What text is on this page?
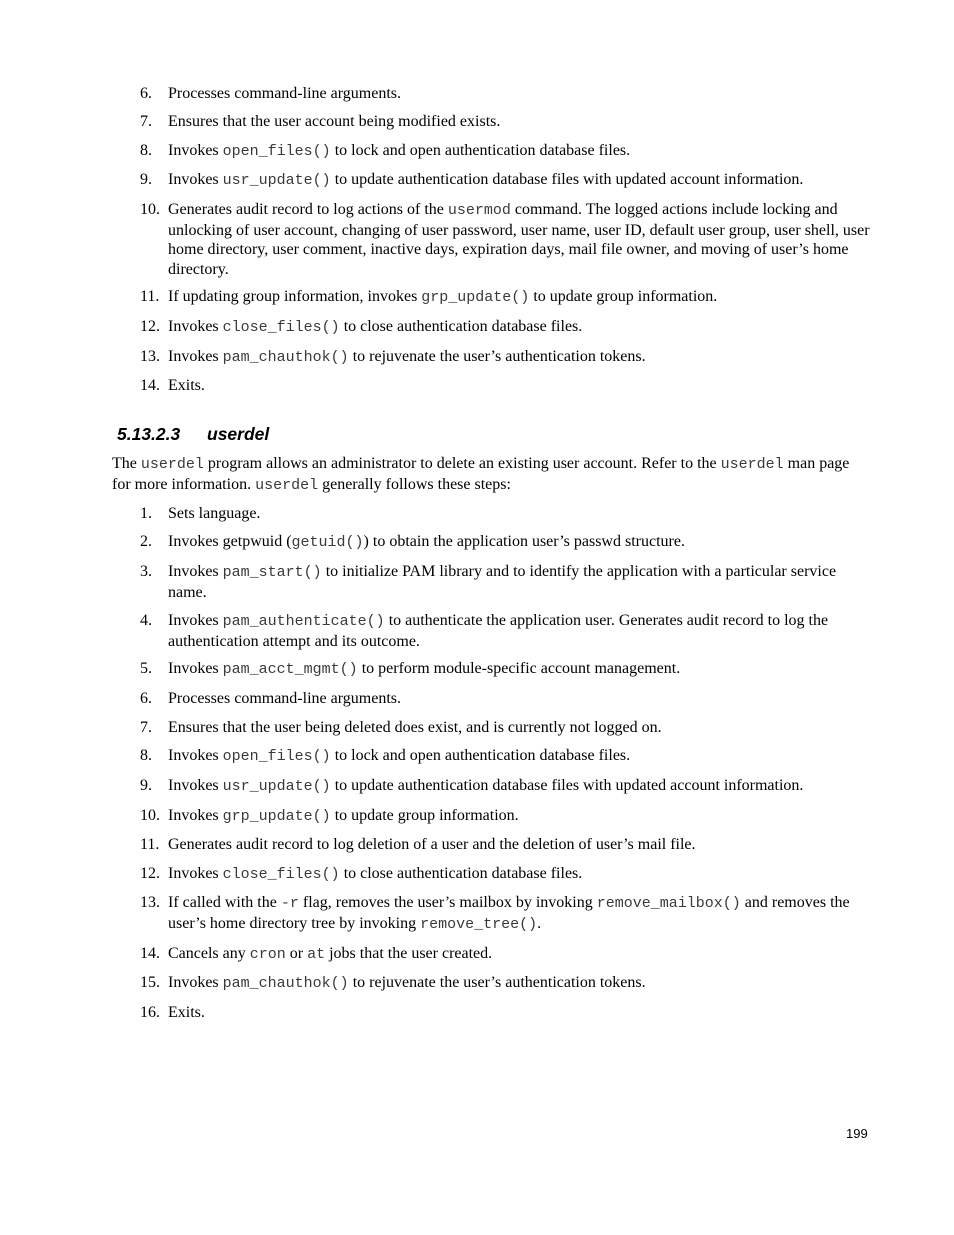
6.	Processes command-line arguments.
7.	Ensures that the user account being modified exists.
8.	Invokes open_files() to lock and open authentication database files.
9.	Invokes usr_update() to update authentication database files with updated account information.
10. Generates audit record to log actions of the usermod command. The logged actions include locking and unlocking of user account, changing of user password, user name, user ID, default user group, user shell, user home directory, user comment, inactive days, expiration days, mail file owner, and moving of user’s home directory.
11. If updating group information, invokes grp_update() to update group information.
12. Invokes close_files() to close authentication database files.
13. Invokes pam_chauthok() to rejuvenate the user’s authentication tokens.
14. Exits.
5.13.2.3 userdel
The userdel program allows an administrator to delete an existing user account. Refer to the userdel man page for more information. userdel generally follows these steps:
1.	Sets language.
2.	Invokes getpwuid (getuid()) to obtain the application user’s passwd structure.
3.	Invokes pam_start() to initialize PAM library and to identify the application with a particular service name.
4.	Invokes pam_authenticate() to authenticate the application user. Generates audit record to log the authentication attempt and its outcome.
5.	Invokes pam_acct_mgmt() to perform module-specific account management.
6.	Processes command-line arguments.
7.	Ensures that the user being deleted does exist, and is currently not logged on.
8.	Invokes open_files() to lock and open authentication database files.
9.	Invokes usr_update() to update authentication database files with updated account information.
10. Invokes grp_update() to update group information.
11. Generates audit record to log deletion of a user and the deletion of user’s mail file.
12. Invokes close_files() to close authentication database files.
13. If called with the -r flag, removes the user’s mailbox by invoking remove_mailbox() and removes the user’s home directory tree by invoking remove_tree().
14. Cancels any cron or at jobs that the user created.
15. Invokes pam_chauthok() to rejuvenate the user’s authentication tokens.
16. Exits.
199
